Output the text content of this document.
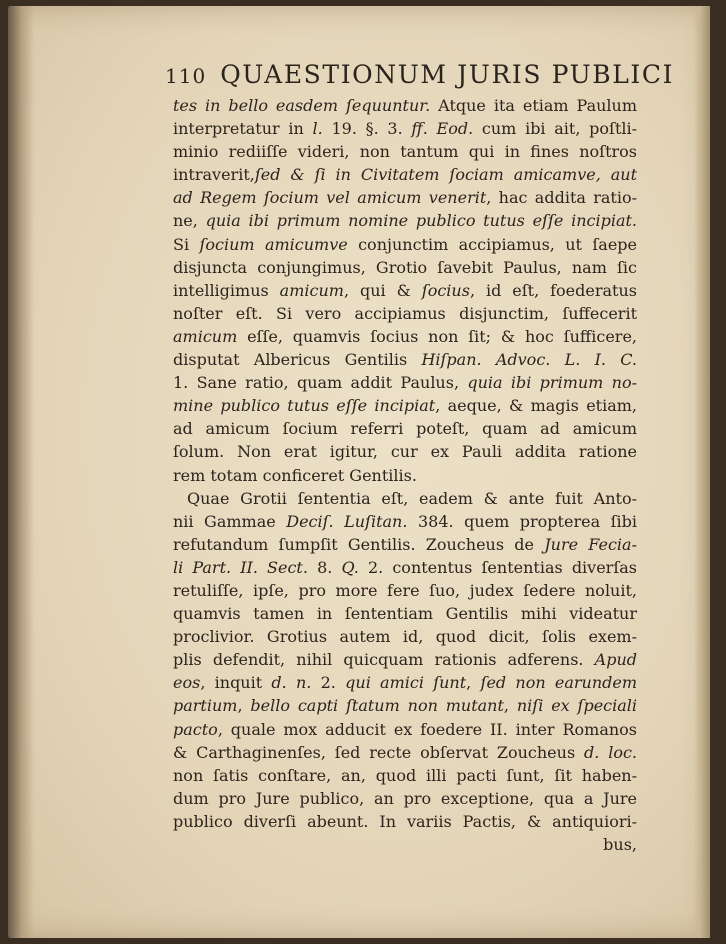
110 QUAESTIONUM JURIS PUBLICI
tes in bello easdem ſequuntur. Atque ita etiam Paulum
interpretatur in l. 19. §. 3. ff. Eod. cum ibi ait, poſtli-
minio rediiſſe videri, non tantum qui in fines noſtros
intraverit,ſed & ſi in Civitatem ſociam amicamve, aut
ad Regem ſocium vel amicum venerit, hac addita ratio-
ne, quia ibi primum nomine publico tutus eſſe incipiat.
Si ſocium amicumve conjunctim accipiamus, ut ſaepe
disjuncta conjungimus, Grotio ſavebit Paulus, nam ſic
intelligimus amicum, qui & ſocius, id eſt, foederatus
noſter eſt. Si vero accipiamus disjunctim, ſuffecerit
amicum eſſe, quamvis ſocius non ſit; & hoc ſufficere,
disputat Albericus Gentilis Hiſpan. Advoc. L. I. C.
1. Sane ratio, quam addit Paulus, quia ibi primum no-
mine publico tutus eſſe incipiat, aeque, & magis etiam,
ad amicum ſocium referri poteſt, quam ad amicum
ſolum. Non erat igitur, cur ex Pauli addita ratione
rem totam conficeret Gentilis.
Quae Grotii ſententia eſt, eadem & ante fuit Anto-
nii Gammae Deciſ. Luſitan. 384. quem propterea ſibi
refutandum ſumpſit Gentilis. Zoucheus de Jure Fecia-
li Part. II. Sect. 8. Q. 2. contentus ſententias diverſas
retuliſſe, ipſe, pro more fere ſuo, judex ſedere noluit,
quamvis tamen in ſententiam Gentilis mihi videatur
proclivior. Grotius autem id, quod dicit, ſolis exem-
plis defendit, nihil quicquam rationis adferens. Apud
eos, inquit d. n. 2. qui amici ſunt, ſed non earundem
partium, bello capti ſtatum non mutant, niſi ex ſpeciali
pacto, quale mox adducit ex foedere II. inter Romanos
& Carthaginenſes, ſed recte obſervat Zoucheus d. loc.
non ſatis conſtare, an, quod illi pacti ſunt, ſit haben-
dum pro Jure publico, an pro exceptione, qua a Jure
publico diverſi abeunt. In variis Pactis, & antiquiori-
bus,
